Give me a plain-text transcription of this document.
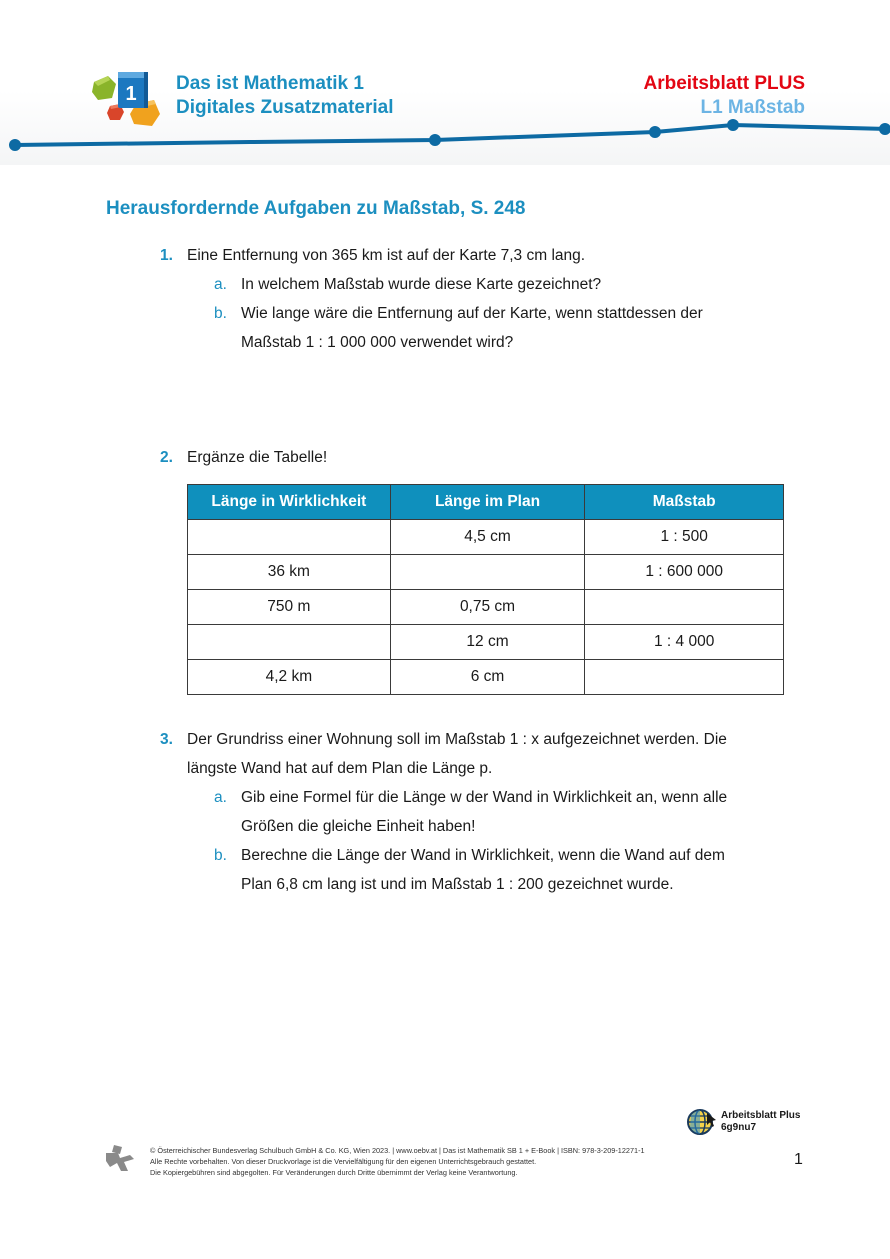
1 Das ist Mathematik 1
Digitales Zusatzmaterial
Arbeitsblatt PLUS
L1 Maßstab
Herausfordernde Aufgaben zu Maßstab, S. 248
1. Eine Entfernung von 365 km ist auf der Karte 7,3 cm lang.
a. In welchem Maßstab wurde diese Karte gezeichnet?
b. Wie lange wäre die Entfernung auf der Karte, wenn stattdessen der
Maßstab 1 : 1 000 000 verwendet wird?
2. Ergänze die Tabelle!
Länge in Wirklichkeit	Länge im Plan	Maßstab
	4,5 cm	1 : 500
36 km		1 : 600 000
750 m	0,75 cm	
	12 cm	1 : 4 000
4,2 km	6 cm	
3. Der Grundriss einer Wohnung soll im Maßstab 1 : x aufgezeichnet werden. Die
längste Wand hat auf dem Plan die Länge p.
a. Gib eine Formel für die Länge w der Wand in Wirklichkeit an, wenn alle
Größen die gleiche Einheit haben!
b. Berechne die Länge der Wand in Wirklichkeit, wenn die Wand auf dem
Plan 6,8 cm lang ist und im Maßstab 1 : 200 gezeichnet wurde.
Arbeitsblatt Plus
6g9nu7
© Österreichischer Bundesverlag Schulbuch GmbH & Co. KG, Wien 2023. | www.oebv.at | Das ist Mathematik SB 1 + E-Book | ISBN: 978-3-209-12271-1
Alle Rechte vorbehalten. Von dieser Druckvorlage ist die Vervielfältigung für den eigenen Unterrichtsgebrauch gestattet.
Die Kopiergebühren sind abgegolten. Für Veränderungen durch Dritte übernimmt der Verlag keine Verantwortung.
1
